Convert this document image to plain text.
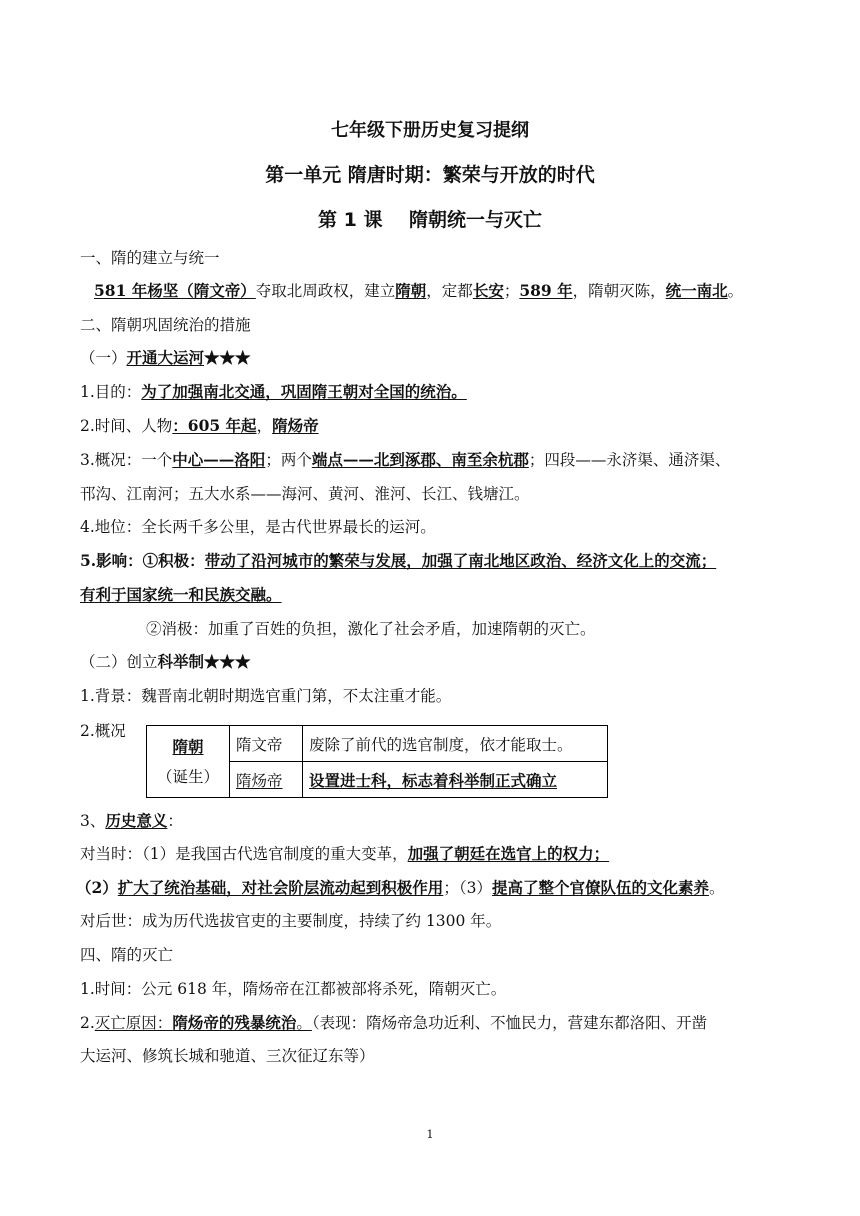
七年级下册历史复习提纲
第一单元 隋唐时期：繁荣与开放的时代
第 1 课    隋朝统一与灭亡
一、隋的建立与统一
581 年杨坚（隋文帝）夺取北周政权，建立隋朝，定都长安；589 年，隋朝灭陈，统一南北。
二、隋朝巩固统治的措施
（一）开通大运河★★★
1.目的：为了加强南北交通，巩固隋王朝对全国的统治。
2.时间、人物：605 年起，隋炀帝
3.概况：一个中心——洛阳；两个端点——北到涿郡、南至余杭郡；四段——永济渠、通济渠、
邗沟、江南河；五大水系——海河、黄河、淮河、长江、钱塘江。
4.地位：全长两千多公里，是古代世界最长的运河。
5.影响：①积极：带动了沿河城市的繁荣与发展，加强了南北地区政治、经济文化上的交流；
有利于国家统一和民族交融。
②消极：加重了百姓的负担，激化了社会矛盾，加速隋朝的灭亡。
（二）创立科举制★★★
1.背景：魏晋南北朝时期选官重门第，不太注重才能。
2.概况
隋朝
（诞生）	隋文帝	废除了前代的选官制度，依才能取士。
	隋炀帝	设置进士科，标志着科举制正式确立
3、历史意义：
对当时：（1）是我国古代选官制度的重大变革，加强了朝廷在选官上的权力；
（2）扩大了统治基础，对社会阶层流动起到积极作用；（3）提高了整个官僚队伍的文化素养。
对后世：成为历代选拔官吏的主要制度，持续了约 1300 年。
四、隋的灭亡
1.时间：公元 618 年，隋炀帝在江都被部将杀死，隋朝灭亡。
2.灭亡原因：隋炀帝的残暴统治。（表现：隋炀帝急功近利、不恤民力，营建东都洛阳、开凿
大运河、修筑长城和驰道、三次征辽东等）
1
